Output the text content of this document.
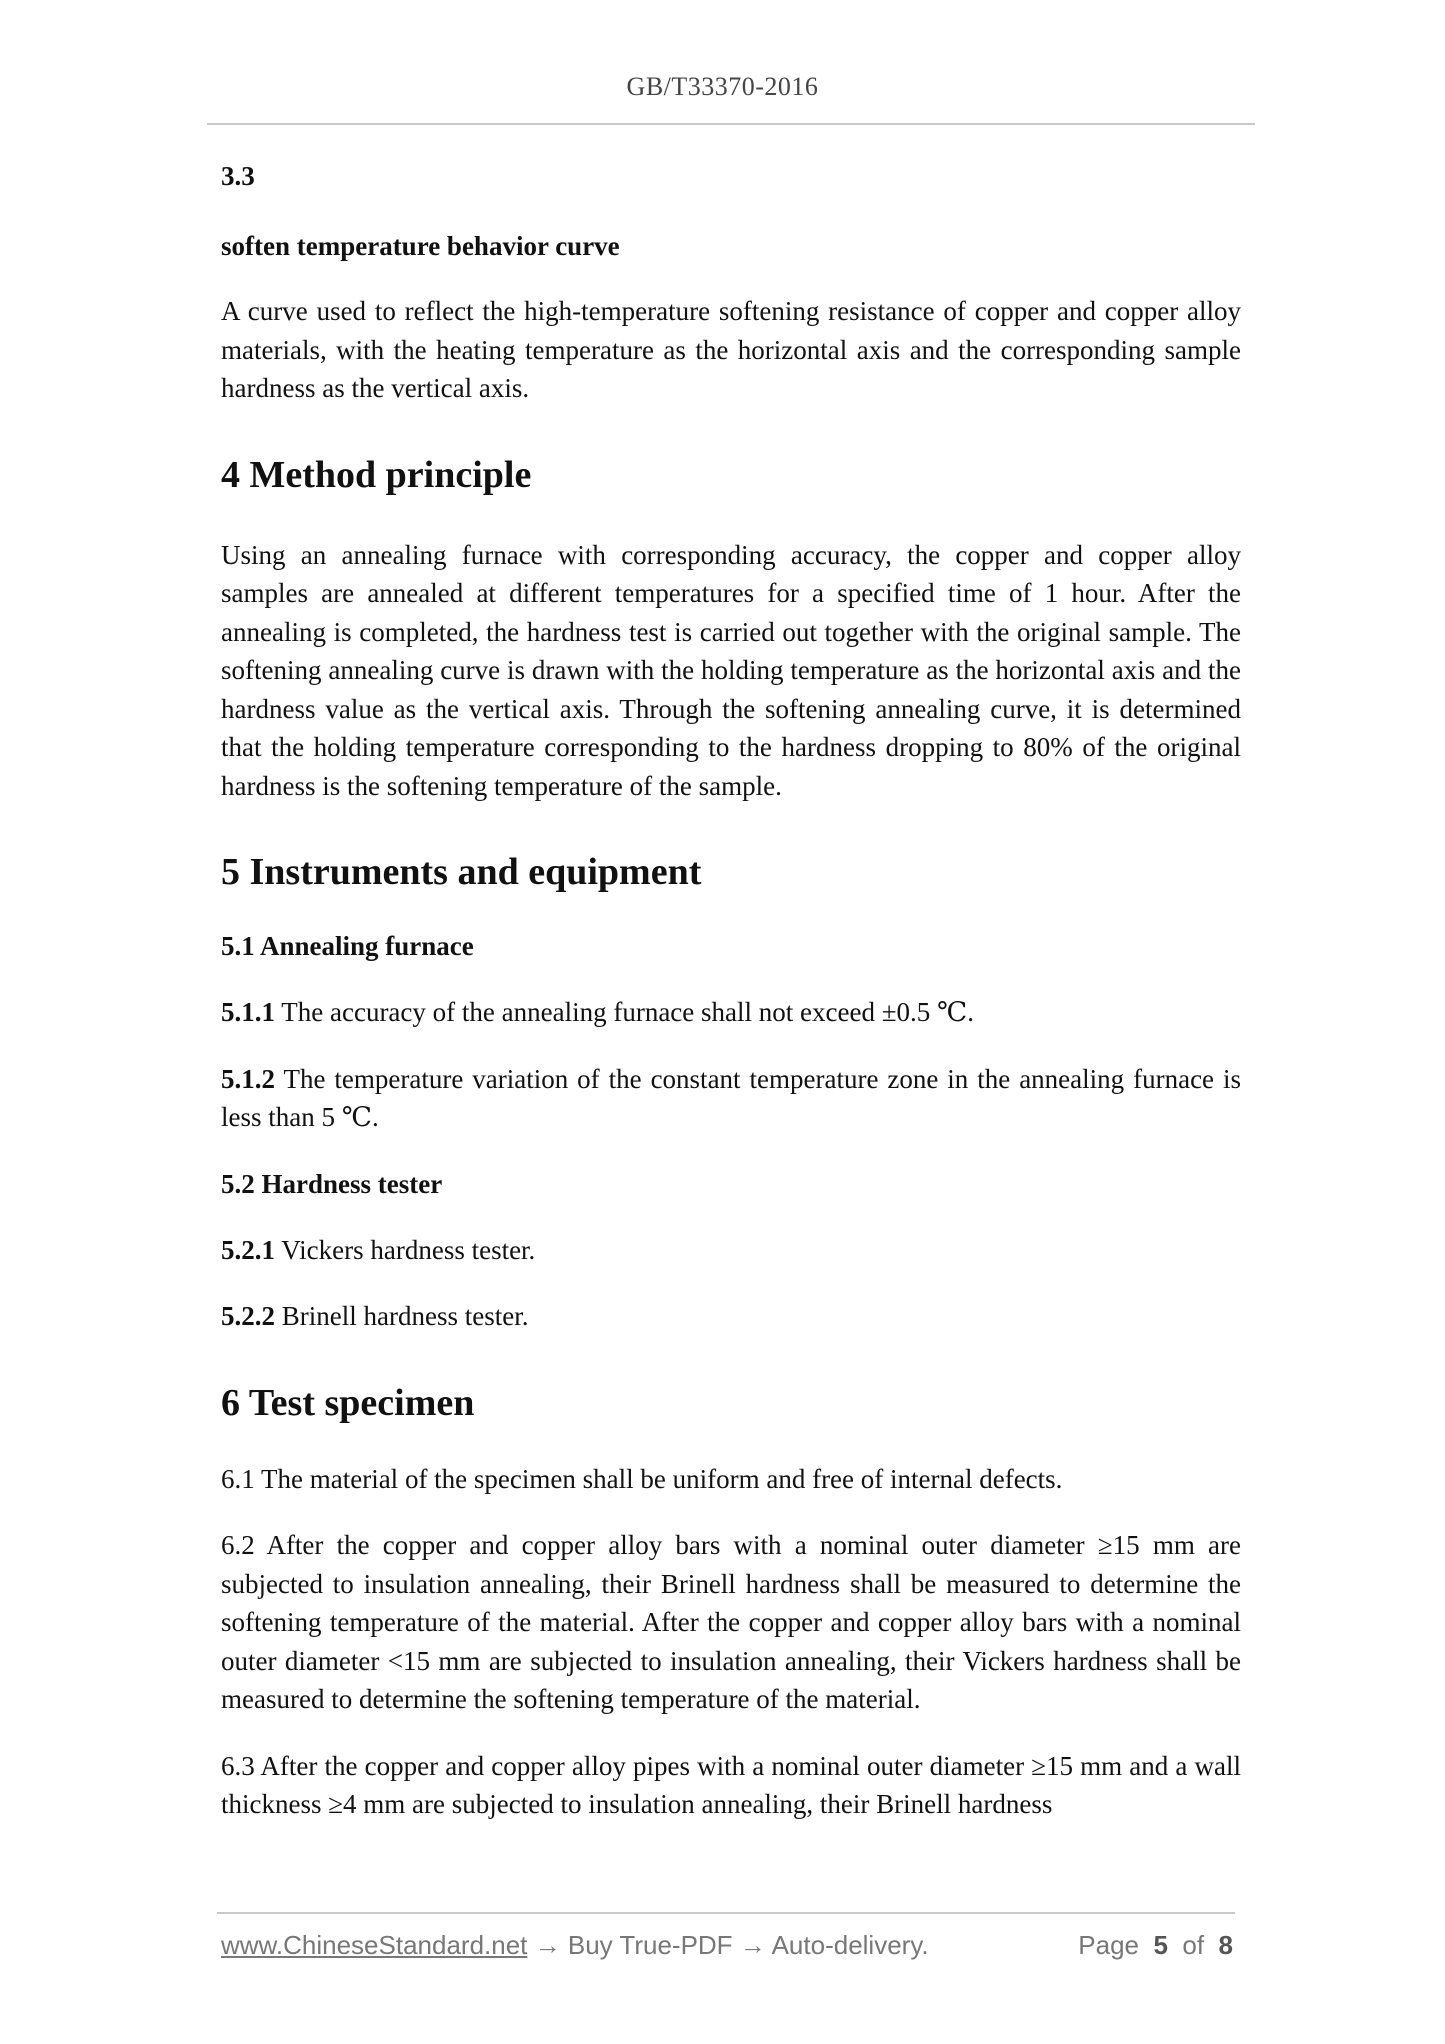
GB/T33370-2016
3.3
soften temperature behavior curve

A curve used to reflect the high-temperature softening resistance of copper and copper alloy materials, with the heating temperature as the horizontal axis and the corresponding sample hardness as the vertical axis.

4 Method principle

Using an annealing furnace with corresponding accuracy, the copper and copper alloy samples are annealed at different temperatures for a specified time of 1 hour. After the annealing is completed, the hardness test is carried out together with the original sample. The softening annealing curve is drawn with the holding temperature as the horizontal axis and the hardness value as the vertical axis. Through the softening annealing curve, it is determined that the holding temperature corresponding to the hardness dropping to 80% of the original hardness is the softening temperature of the sample.

5 Instruments and equipment
5.1 Annealing furnace

5.1.1 The accuracy of the annealing furnace shall not exceed ±0.5 ℃.

5.1.2 The temperature variation of the constant temperature zone in the annealing furnace is less than 5 ℃.

5.2 Hardness tester

5.2.1 Vickers hardness tester.

5.2.2 Brinell hardness tester.

6 Test specimen

6.1 The material of the specimen shall be uniform and free of internal defects.

6.2 After the copper and copper alloy bars with a nominal outer diameter ≥15 mm are subjected to insulation annealing, their Brinell hardness shall be measured to determine the softening temperature of the material. After the copper and copper alloy bars with a nominal outer diameter <15 mm are subjected to insulation annealing, their Vickers hardness shall be measured to determine the softening temperature of the material.

6.3 After the copper and copper alloy pipes with a nominal outer diameter ≥15 mm and a wall thickness ≥4 mm are subjected to insulation annealing, their Brinell hardness

www.ChineseStandard.net → Buy True-PDF → Auto-delivery.	Page 5 of 8
